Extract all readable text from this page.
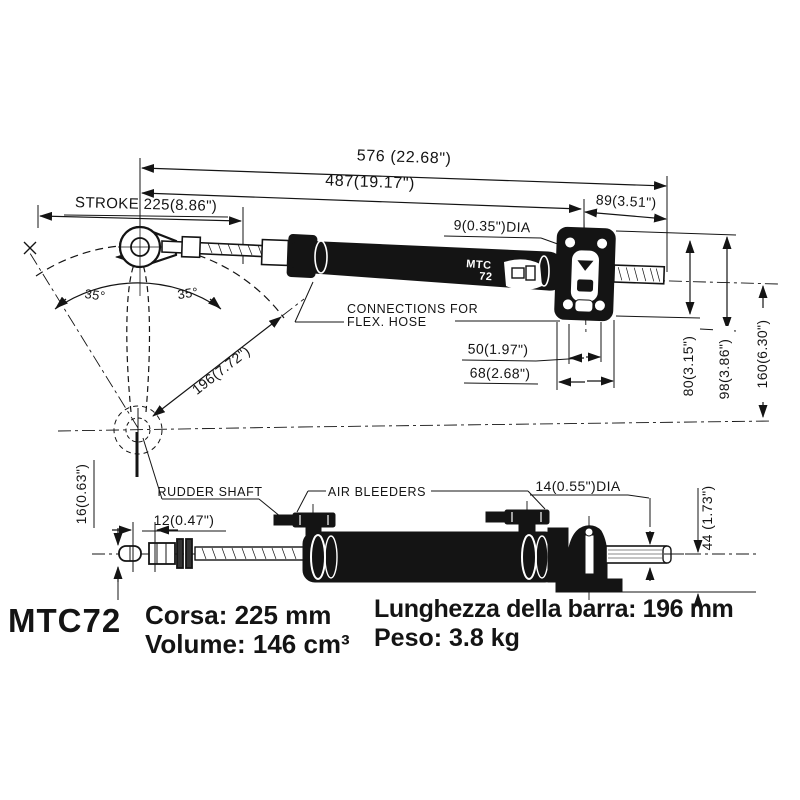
576 (22.68")
487(19.17")
89(3.51")
STROKE 225(8.86")
9(0.35")DIA
CONNECTIONS FOR
FLEX. HOSE
50(1.97")
68(2.68")
35°	35°
196(7.72")	80(3.15") 98(3.86") 160(6.30")
MTC
72
16(0.63")	12(0.47")
RUDDER SHAFT	AIR BLEEDERS	14(0.55")DIA	44 (1.73")
MTC72 Corsa: 225 mm
Volume: 146 cm³
Lunghezza della barra: 196 mm
Peso: 3.8 kg
